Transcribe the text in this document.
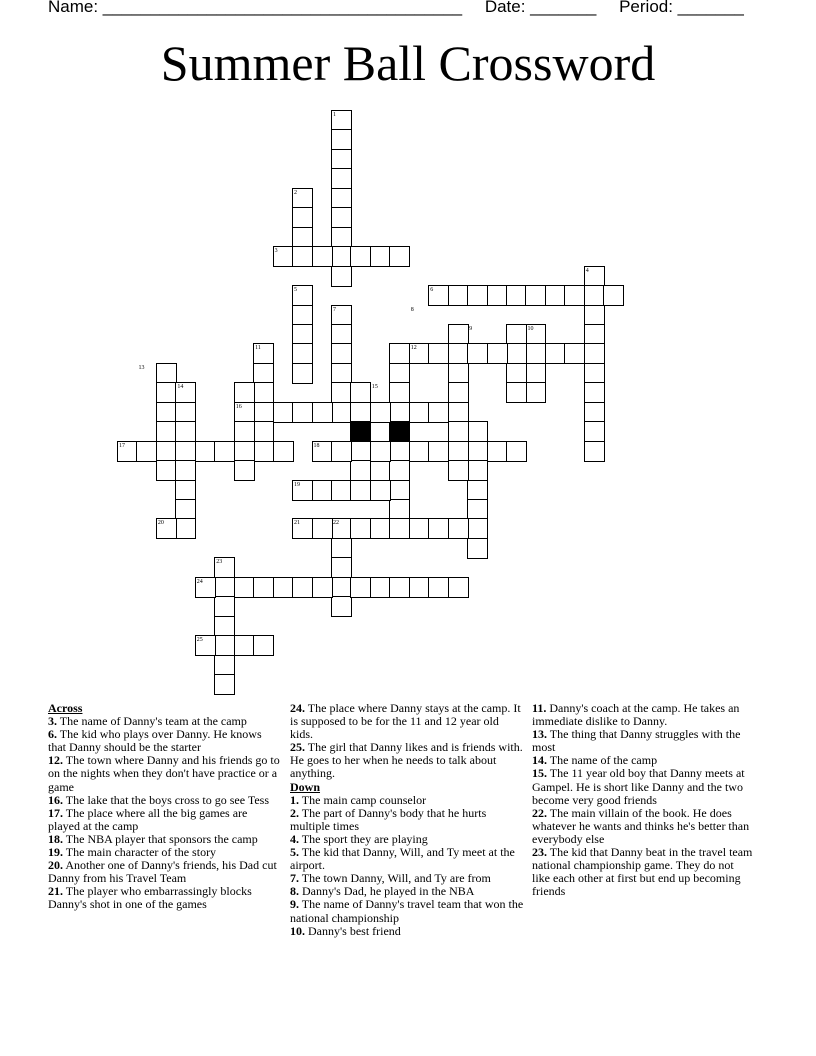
Name: ______________________________________ Date: _______ Period: _______
Summer Ball Crossword
1
2
3
4
5	6
7	8
9	10
11	12
13
14	15
16
17	18
19
20	21	22
23
24
25
Across
3. The name of Danny's team at the camp
6. The kid who plays over Danny. He knows that Danny should be the starter
12. The town where Danny and his friends go to on the nights when they don't have practice or a game
16. The lake that the boys cross to go see Tess
17. The place where all the big games are played at the camp
18. The NBA player that sponsors the camp
19. The main character of the story
20. Another one of Danny's friends, his Dad cut Danny from his Travel Team
21. The player who embarrassingly blocks Danny's shot in one of the games
24. The place where Danny stays at the camp. It is supposed to be for the 11 and 12 year old kids.
25. The girl that Danny likes and is friends with. He goes to her when he needs to talk about anything.
Down
1. The main camp counselor
2. The part of Danny's body that he hurts multiple times
4. The sport they are playing
5. The kid that Danny, Will, and Ty meet at the airport.
7. The town Danny, Will, and Ty are from
8. Danny's Dad, he played in the NBA
9. The name of Danny's travel team that won the national championship
10. Danny's best friend
11. Danny's coach at the camp. He takes an immediate dislike to Danny.
13. The thing that Danny struggles with the most
14. The name of the camp
15. The 11 year old boy that Danny meets at Gampel. He is short like Danny and the two become very good friends
22. The main villain of the book. He does whatever he wants and thinks he's better than everybody else
23. The kid that Danny beat in the travel team national championship game. They do not like each other at first but end up becoming friends
